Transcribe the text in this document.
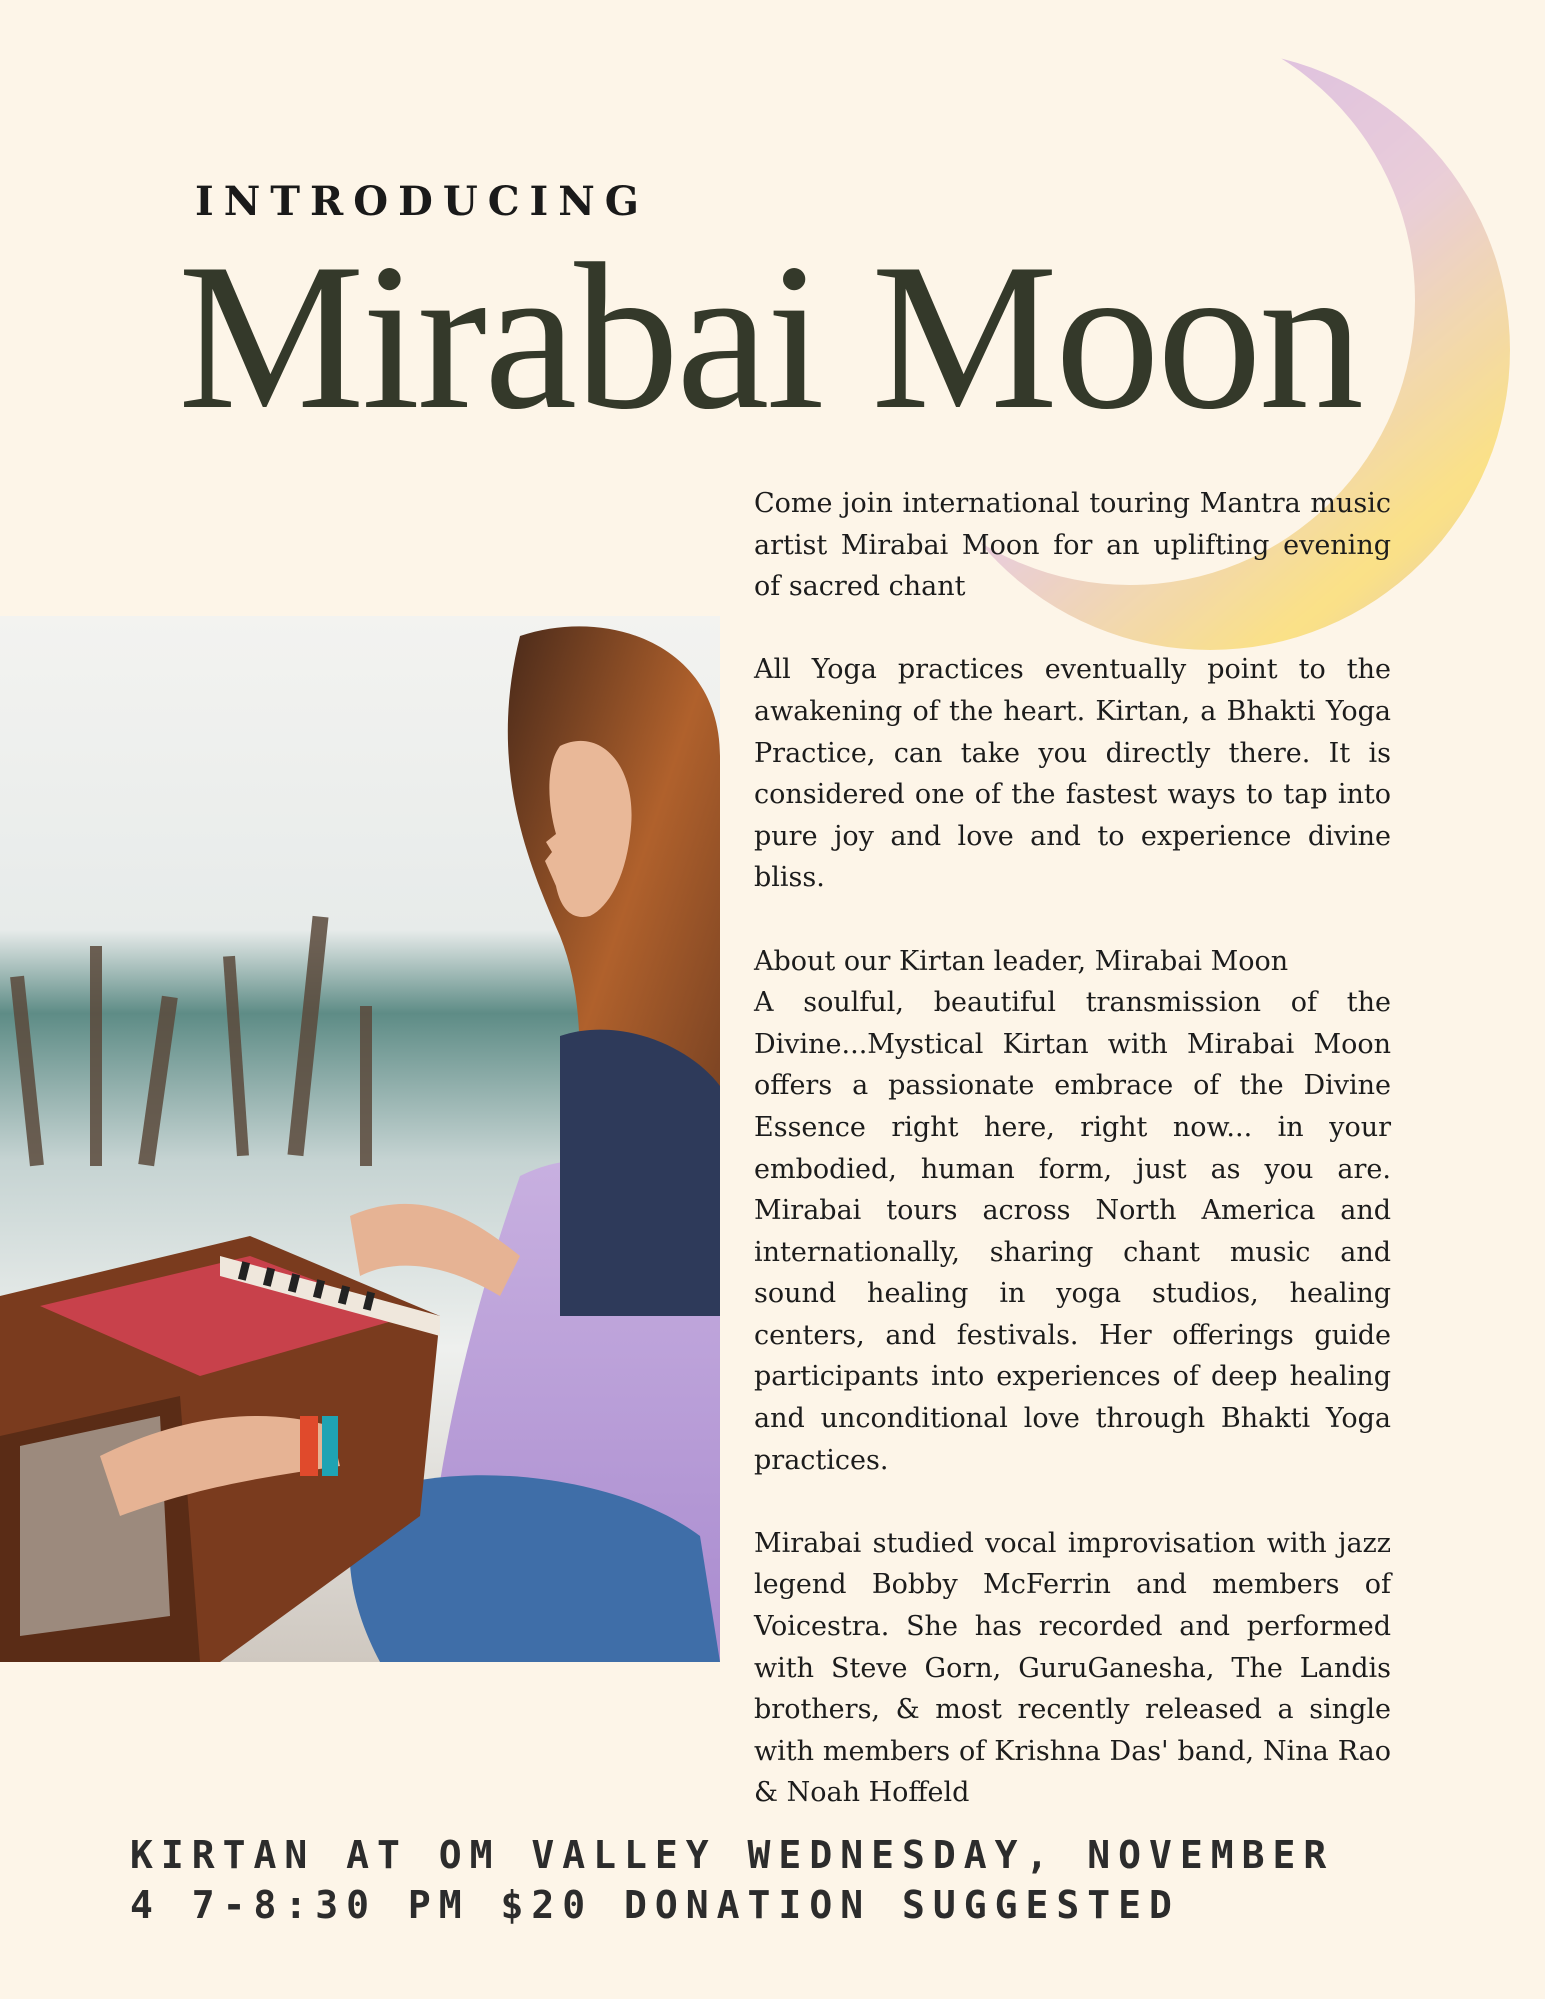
INTRODUCING
Mirabai Moon

Come join international touring Mantra music artist Mirabai Moon for an uplifting evening of sacred chant

All Yoga practices eventually point to the awakening of the heart. Kirtan, a Bhakti Yoga Practice, can take you directly there. It is considered one of the fastest ways to tap into pure joy and love and to experience divine bliss.

About our Kirtan leader, Mirabai Moon

A soulful, beautiful transmission of the Divine...Mystical Kirtan with Mirabai Moon offers a passionate embrace of the Divine Essence right here, right now... in your embodied, human form, just as you are. Mirabai tours across North America and internationally, sharing chant music and sound healing in yoga studios, healing centers, and festivals. Her offerings guide participants into experiences of deep healing and unconditional love through Bhakti Yoga practices.

Mirabai studied vocal improvisation with jazz legend Bobby McFerrin and members of Voicestra. She has recorded and performed with Steve Gorn, GuruGanesha, The Landis brothers, & most recently released a single with members of Krishna Das' band, Nina Rao & Noah Hoffeld

KIRTAN AT OM VALLEY WEDNESDAY, NOVEMBER
4 7-8:30 PM $20 DONATION SUGGESTED
